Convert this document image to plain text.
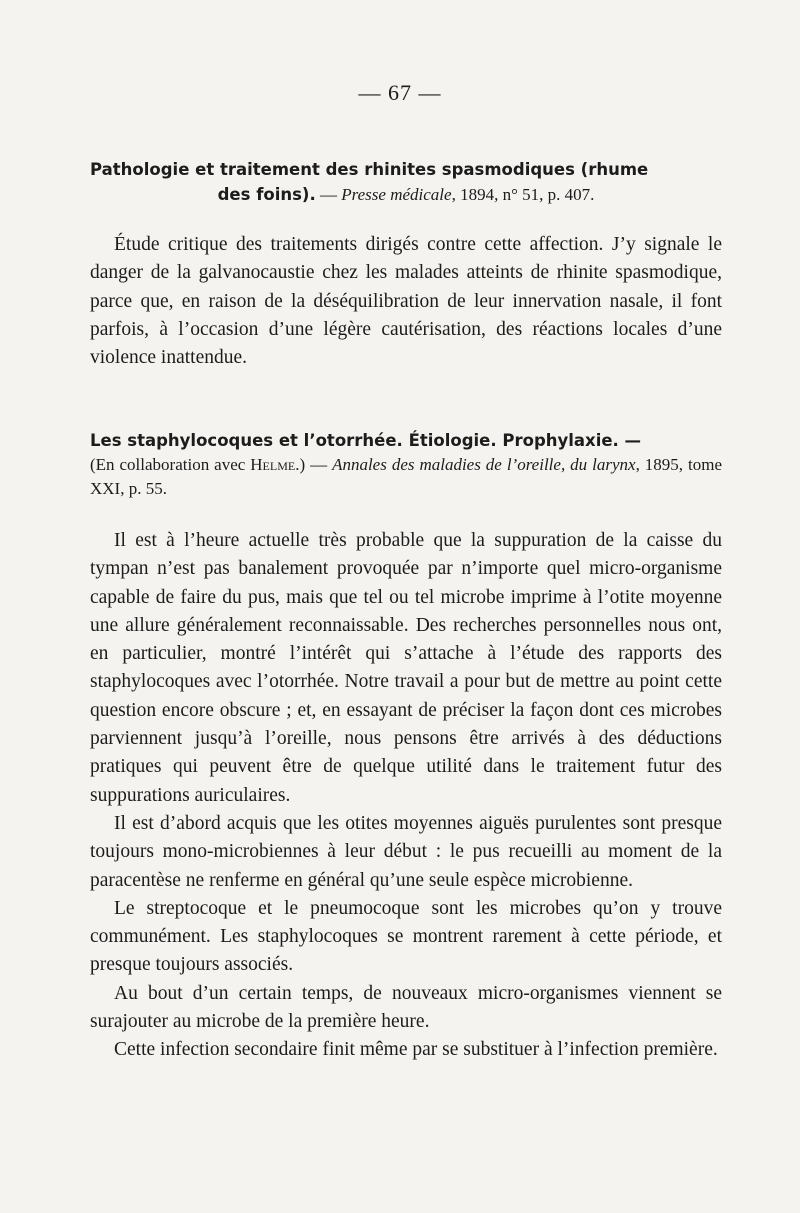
— 67 —
Pathologie et traitement des rhinites spasmodiques (rhume
des foins). — Presse médicale, 1894, n° 51, p. 407.

Étude critique des traitements dirigés contre cette affection. J’y signale le danger de la galvanocaustie chez les malades atteints de rhinite spasmodique, parce que, en raison de la déséquilibration de leur innervation nasale, il font parfois, à l’occasion d’une légère cautérisation, des réactions locales d’une violence inattendue.

Les staphylocoques et l’otorrhée. Étiologie. Prophylaxie. —

(En collaboration avec Helme.) — Annales des maladies de l’oreille, du larynx, 1895, tome XXI, p. 55.

Il est à l’heure actuelle très probable que la suppuration de la caisse du tympan n’est pas banalement provoquée par n’importe quel micro-organisme capable de faire du pus, mais que tel ou tel microbe imprime à l’otite moyenne une allure généralement reconnaissable. Des recherches personnelles nous ont, en particulier, montré l’intérêt qui s’attache à l’étude des rapports des staphylocoques avec l’otorrhée. Notre travail a pour but de mettre au point cette question encore obscure ; et, en essayant de préciser la façon dont ces microbes parviennent jusqu’à l’oreille, nous pensons être arrivés à des déductions pratiques qui peuvent être de quelque utilité dans le traitement futur des suppurations auriculaires.

Il est d’abord acquis que les otites moyennes aiguës purulentes sont presque toujours mono-microbiennes à leur début : le pus recueilli au moment de la paracentèse ne renferme en général qu’une seule espèce microbienne.

Le streptocoque et le pneumocoque sont les microbes qu’on y trouve communément. Les staphylocoques se montrent rarement à cette période, et presque toujours associés.

Au bout d’un certain temps, de nouveaux micro-organismes viennent se surajouter au microbe de la première heure.

Cette infection secondaire finit même par se substituer à l’infection première.
